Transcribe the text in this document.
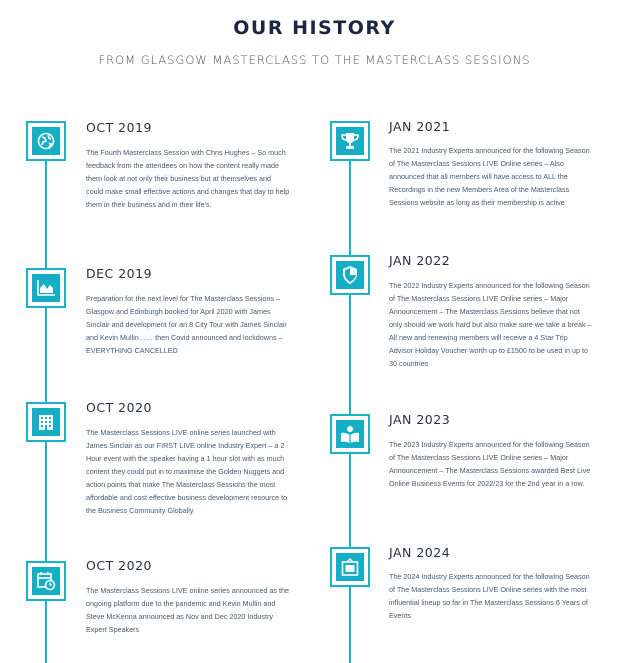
OUR HISTORY
FROM GLASGOW MASTERCLASS TO THE MASTERCLASS SESSIONS
OCT 2019
The Fourth Masterclass Session with Chris Hughes – So much feedback from the attendees on how the content really made them look at not only their business but at themselves and could make small effective actions and changes that day to help them in their business and in their life's.
DEC 2019
Preparation for the next level for The Masterclass Sessions – Glasgow and Edinburgh booked for April 2020 with James Sinclair and development for an 8 City Tour with James Sinclair and Kevin Mullin…… then Covid announced and lockdowns – EVERYTHING CANCELLED
OCT 2020
The Masterclass Sessions LIVE online series launched with James Sinclair as our FIRST LIVE online Industry Expert – a 2 Hour event with the speaker having a 1 hour slot with as much content they could put in to maximise the Golden Nuggets and action points that make The Masterclass Sessions the most affordable and cost effective business development resource to the Business Community Globally
OCT 2020
The Masterclass Sessions LIVE online series announced as the ongoing platform due to the pandemic and Kevin Mullin and Steve McKenna announced as Nov and Dec 2020 Industry Expert Speakers
JAN 2021
The 2021 Industry Experts announced for the following Season of The Masterclass Sessions LIVE Online series – Also announced that all members will have access to ALL the Recordings in the new Members Area of the Masterclass Sessions website as long as their membership is active
JAN 2022
The 2022 Industry Experts announced for the following Season of The Masterclass Sessions LIVE Online series – Major Announcement – The Masterclass Sessions believe that not only should we work hard but also make sure we take a break – All new and renewing members will receive a 4 Star Trip Advisor Holiday Voucher worth up to £1500 to be used in up to 30 countries
JAN 2023
The 2023 Industry Experts announced for the following Season of The Masterclass Sessions LIVE Online series – Major Announcement – The Masterclass Sessions awarded Best Live Online Business Events for 2022/23 for the 2nd year in a row.
JAN 2024
The 2024 Industry Experts announced for the following Season of The Masterclass Sessions LIVE Online series with the most influential lineup so far in The Masterclass Sessions 6 Years of Events
